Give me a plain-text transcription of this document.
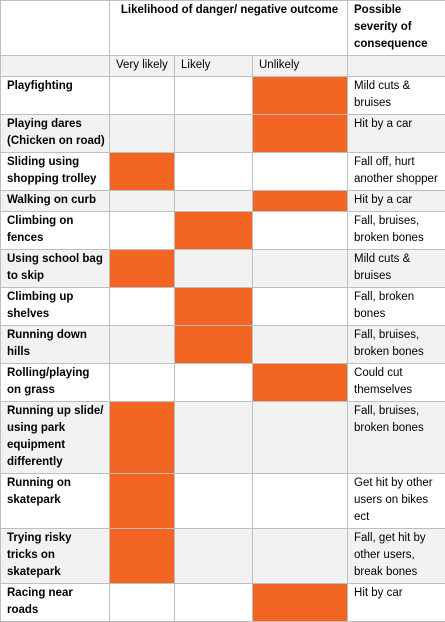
	Likelihood of danger/ negative outcome			Possible severity of consequence
	Very likely	Likely	Unlikely	
Playfighting				Mild cuts & bruises
Playing dares (Chicken on road)				Hit by a car
Sliding using shopping trolley				Fall off, hurt another shopper
Walking on curb				Hit by a car
Climbing on fences				Fall, bruises, broken bones
Using school bag to skip				Mild cuts & bruises
Climbing up shelves				Fall, broken bones
Running down hills				Fall, bruises, broken bones
Rolling/playing on grass				Could cut themselves
Running up slide/ using park equipment differently				Fall, bruises, broken bones
Running on skatepark				Get hit by other users on bikes ect
Trying risky tricks on skatepark				Fall, get hit by other users, break bones
Racing near roads				Hit by car
